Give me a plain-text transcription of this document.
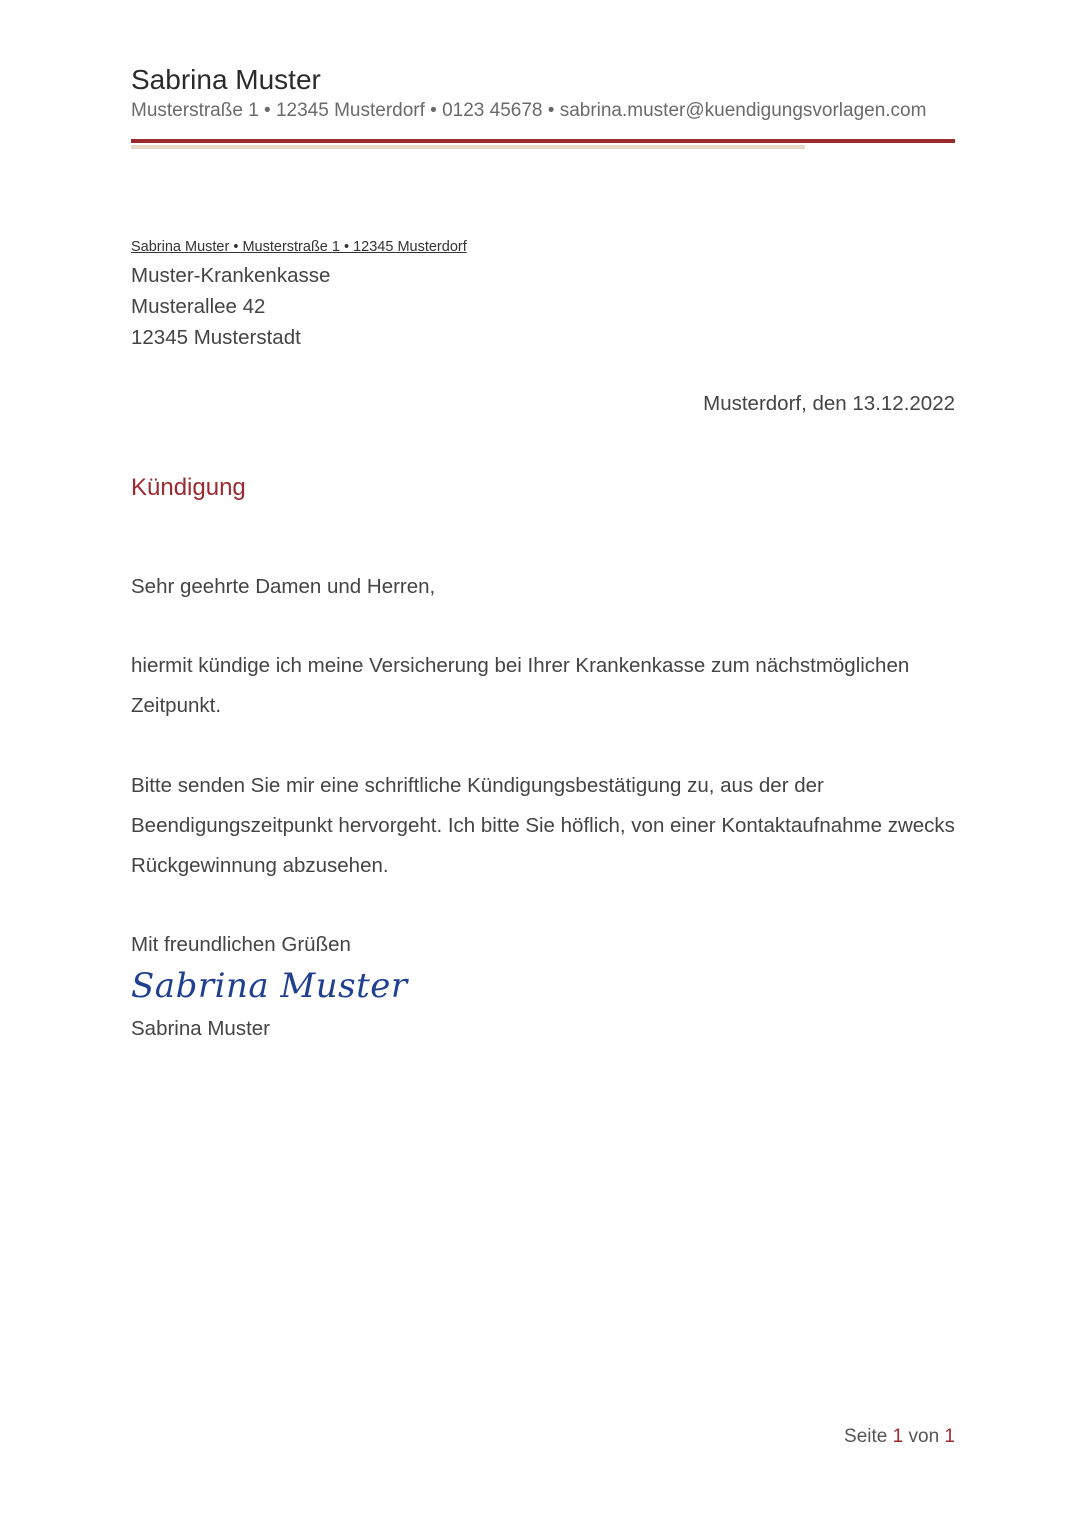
Sabrina Muster
Musterstraße 1 • 12345 Musterdorf • 0123 45678 • sabrina.muster@kuendigungsvorlagen.com
Sabrina Muster • Musterstraße 1 • 12345 Musterdorf
Muster-Krankenkasse
Musterallee 42
12345 Musterstadt
Musterdorf, den 13.12.2022
Kündigung
Sehr geehrte Damen und Herren,
hiermit kündige ich meine Versicherung bei Ihrer Krankenkasse zum nächstmöglichen Zeitpunkt.
Bitte senden Sie mir eine schriftliche Kündigungsbestätigung zu, aus der der Beendigungszeitpunkt hervorgeht. Ich bitte Sie höflich, von einer Kontaktaufnahme zwecks Rückgewinnung abzusehen.
Mit freundlichen Grüßen
Sabrina Muster
Sabrina Muster
Seite 1 von 1
